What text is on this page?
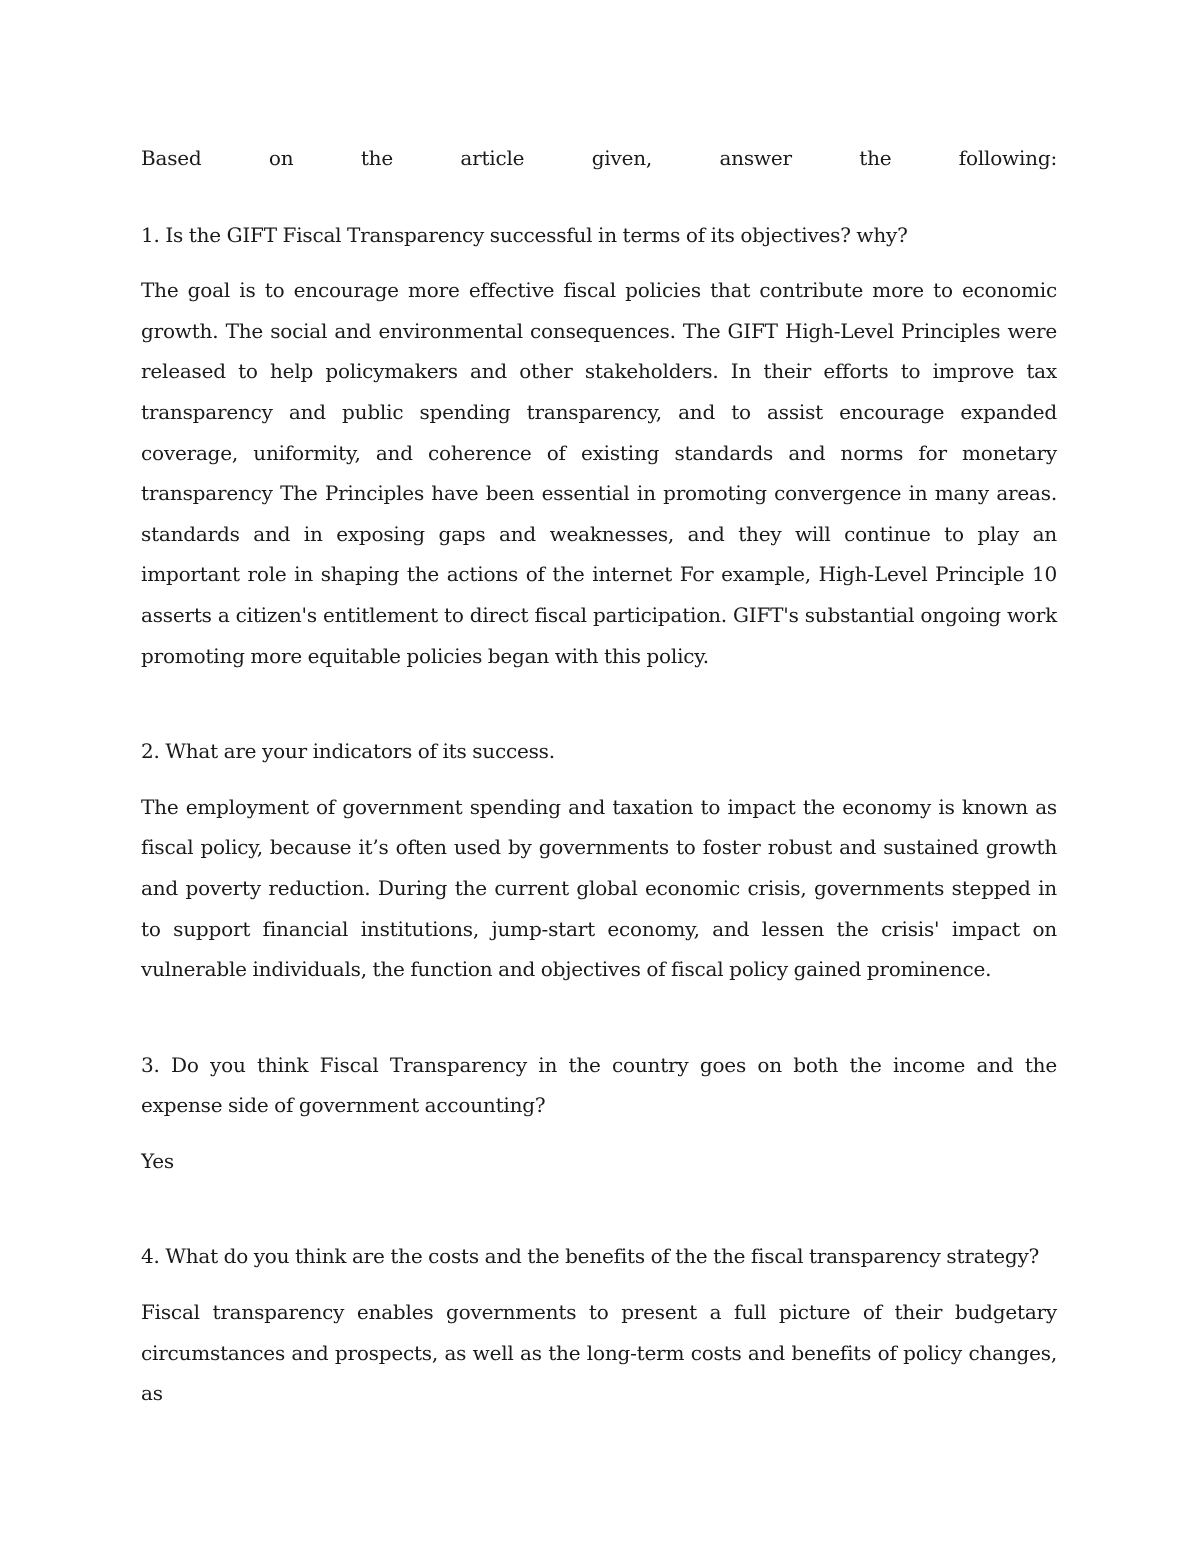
Based on the article given, answer the following:

1. Is the GIFT Fiscal Transparency successful in terms of its objectives? why?

The goal is to encourage more effective fiscal policies that contribute more to economic growth. The social and environmental consequences. The GIFT High-Level Principles were released to help policymakers and other stakeholders. In their efforts to improve tax transparency and public spending transparency, and to assist encourage expanded coverage, uniformity, and coherence of existing standards and norms for monetary transparency The Principles have been essential in promoting convergence in many areas. standards and in exposing gaps and weaknesses, and they will continue to play an important role in shaping the actions of the internet For example, High-Level Principle 10 asserts a citizen's entitlement to direct fiscal participation. GIFT's substantial ongoing work promoting more equitable policies began with this policy.

2. What are your indicators of its success.

The employment of government spending and taxation to impact the economy is known as fiscal policy, because it’s often used by governments to foster robust and sustained growth and poverty reduction. During the current global economic crisis, governments stepped in to support financial institutions, jump-start economy, and lessen the crisis' impact on vulnerable individuals, the function and objectives of fiscal policy gained prominence.

3. Do you think Fiscal Transparency in the country goes on both the income and the expense side of government accounting?

Yes

4. What do you think are the costs and the benefits of the the fiscal transparency strategy?

Fiscal transparency enables governments to present a full picture of their budgetary circumstances and prospects, as well as the long-term costs and benefits of policy changes, as
